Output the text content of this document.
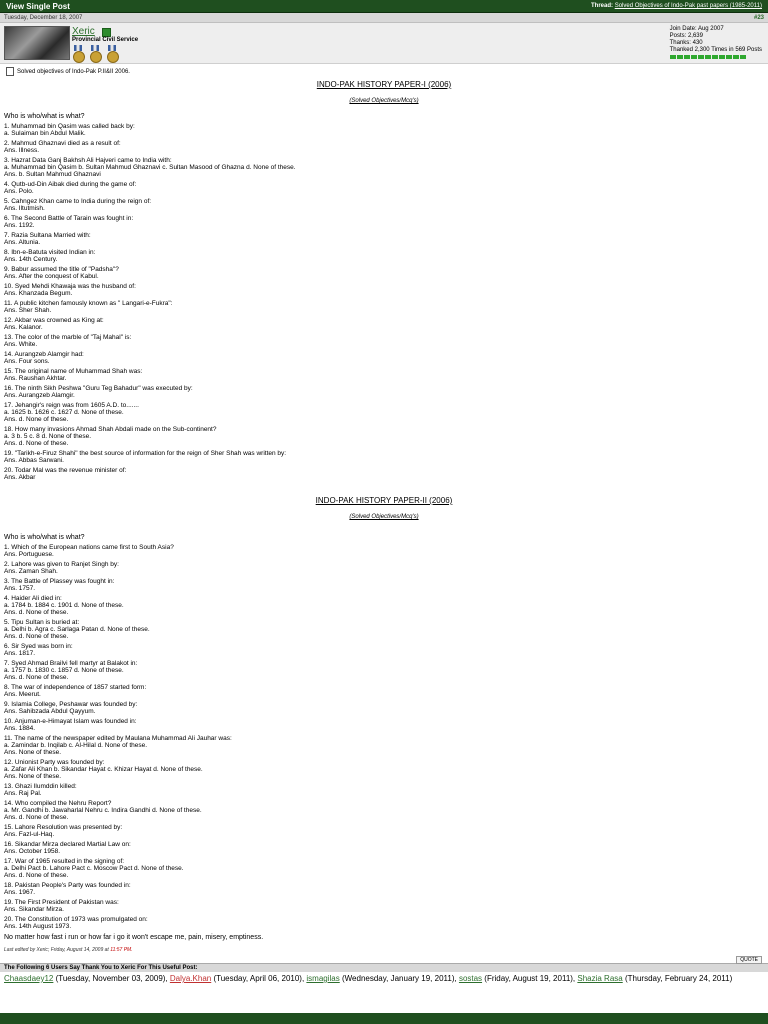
View Single Post	Thread: Solved Objectives of Indo-Pak past papers (1985-2011)
Tuesday, December 18, 2007	#23
Xeric
Provincial Civil Service
Join Date: Aug 2007
Posts: 2,639
Thanks: 430
Thanked 2,300 Times in 569 Posts
Solved objectives of Indo-Pak P.II&II 2006.
INDO-PAK HISTORY PAPER-I (2006)
(Solved Objectives/Mcq's)
Who is who/what is what?
1. Muhammad bin Qasim was called back by:
a. Sulaiman bin Abdul Malik.
2. Mahmud Ghaznavi died as a result of:
Ans. Illness.
3. Hazrat Data Ganj Bakhsh Ali Hajveri came to India with:
a. Muhammad bin Qasim b. Sultan Mahmud Ghaznavi c. Sultan Masood of Ghazna d. None of these.
Ans. b. Sultan Mahmud Ghaznavi
4. Qutb-ud-Din Aibak died during the game of:
Ans. Polo.
5. Cahngez Khan came to India during the reign of:
Ans. Iltutmish.
6. The Second Battle of Tarain was fought in:
Ans. 1192.
7. Razia Sultana Married with:
Ans. Altunia.
8. Ibn-e-Batuta visited Indian in:
Ans. 14th Century.
9. Babur assumed the title of "Padsha"?
Ans. After the conquest of Kabul.
10. Syed Mehdi Khawaja was the husband of:
Ans. Khanzada Begum.
11. A public kitchen famously known as " Langari-e-Fukra":
Ans. Sher Shah.
12. Akbar was crowned as King at:
Ans. Kalanor.
13. The color of the marble of "Taj Mahal" is:
Ans. White.
14. Aurangzeb Alamgir had:
Ans. Four sons.
15. The original name of Muhammad Shah was:
Ans. Raushan Akhtar.
16. The ninth Sikh Peshwa "Guru Teg Bahadur" was executed by:
Ans. Aurangzeb Alamgir.
17. Jehangir's reign was from 1605 A.D. to.......
a. 1625 b. 1626 c. 1627 d. None of these.
Ans. d. None of these.
18. How many invasions Ahmad Shah Abdali made on the Sub-continent?
a. 3 b. 5 c. 8 d. None of these.
Ans. d. None of these.
19. "Tarikh-e-Firuz Shahi" the best source of information for the reign of Sher Shah was written by:
Ans. Abbas Sarwani.
20. Todar Mal was the revenue minister of:
Ans. Akbar
INDO-PAK HISTORY PAPER-II (2006)
(Solved Objectives/Mcq's)
Who is who/what is what?
1. Which of the European nations came first to South Asia?
Ans. Portuguese.
2. Lahore was given to Ranjet Singh by:
Ans. Zaman Shah.
3. The Battle of Plassey was fought in:
Ans. 1757.
4. Haider Ali died in:
a. 1784 b. 1884 c. 1901 d. None of these.
Ans. d. None of these.
5. Tipu Sultan is buried at:
a. Delhi b. Agra c. Sarlaga Patan d. None of these.
Ans. d. None of these.
6. Sir Syed was born in:
Ans. 1817.
7. Syed Ahmad Brailvi fell martyr at Balakot in:
a. 1757 b. 1830 c. 1857 d. None of these.
Ans. d. None of these.
8. The war of independence of 1857 started form:
Ans. Meerut.
9. Islamia College, Peshawar was founded by:
Ans. Sahibzada Abdul Qayyum.
10. Anjuman-e-Himayat Islam was founded in:
Ans. 1884.
11. The name of the newspaper edited by Maulana Muhammad Ali Jauhar was:
a. Zamindar b. Inqilab c. Al-Hilal d. None of these.
Ans. None of these.
12. Unionist Party was founded by:
a. Zafar Ali Khan b. Sikandar Hayat c. Khizar Hayat d. None of these.
Ans. None of these.
13. Ghazi Ilumddin killed:
Ans. Raj Pal.
14. Who compiled the Nehru Report?
a. Mr. Gandhi b. Jawaharlal Nehru c. Indira Gandhi d. None of these.
Ans. d. None of these.
15. Lahore Resolution was presented by:
Ans. Fazl-ul-Haq.
16. Sikandar Mirza declared Martial Law on:
Ans. October 1958.
17. War of 1965 resulted in the signing of:
a. Delhi Pact b. Lahore Pact c. Moscow Pact d. None of these.
Ans. d. None of these.
18. Pakistan People's Party was founded in:
Ans. 1967.
19. The First President of Pakistan was:
Ans. Sikandar Mirza.
20. The Constitution of 1973 was promulgated on:
Ans. 14th August 1973.
No matter how fast i run or how far i go it won't escape me, pain, misery, emptiness.
Last edited by Xeric; Friday, August 14, 2009 at 11:57 PM.
QUOTE
The Following 6 Users Say Thank You to Xeric For This Useful Post:
Chaasdaey12 (Tuesday, November 03, 2009), Dalya.Khan (Tuesday, April 06, 2010), ismagilas (Wednesday, January 19, 2011), sostas (Friday, August 19, 2011), Shazia Rasa (Thursday, February 24, 2011)
